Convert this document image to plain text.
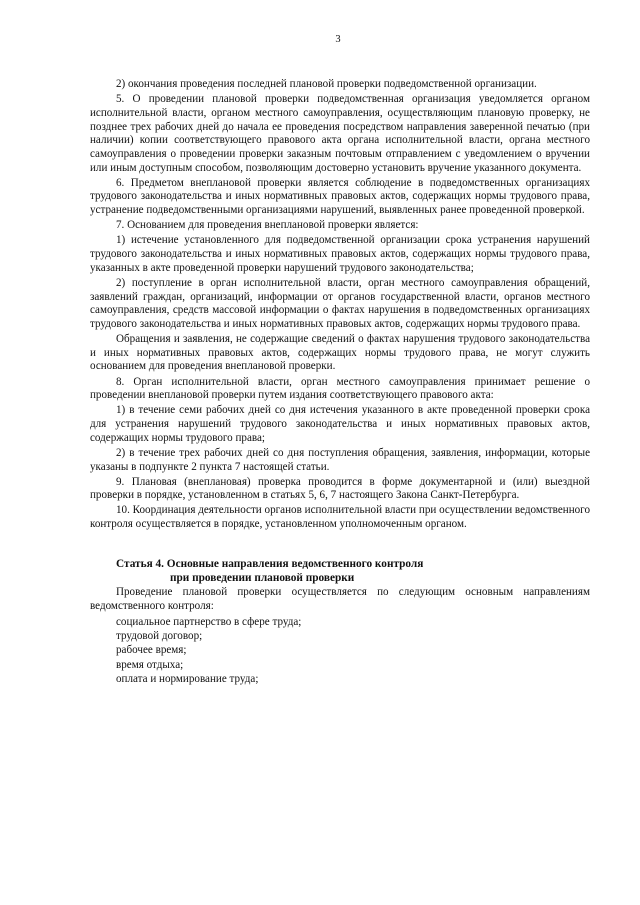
3

2) окончания проведения последней плановой проверки подведомственной организации.

5. О проведении плановой проверки подведомственная организация уведомляется органом исполнительной власти, органом местного самоуправления, осуществляющим плановую проверку, не позднее трех рабочих дней до начала ее проведения посредством направления заверенной печатью (при наличии) копии соответствующего правового акта органа исполнительной власти, органа местного самоуправления о проведении проверки заказным почтовым отправлением с уведомлением о вручении или иным доступным способом, позволяющим достоверно установить вручение указанного документа.

6. Предметом внеплановой проверки является соблюдение в подведомственных организациях трудового законодательства и иных нормативных правовых актов, содержащих нормы трудового права, устранение подведомственными организациями нарушений, выявленных ранее проведенной проверкой.

7. Основанием для проведения внеплановой проверки является:

1) истечение установленного для подведомственной организации срока устранения нарушений трудового законодательства и иных нормативных правовых актов, содержащих нормы трудового права, указанных в акте проведенной проверки нарушений трудового законодательства;

2) поступление в орган исполнительной власти, орган местного самоуправления обращений, заявлений граждан, организаций, информации от органов государственной власти, органов местного самоуправления, средств массовой информации о фактах нарушения в подведомственных организациях трудового законодательства и иных нормативных правовых актов, содержащих нормы трудового права.

Обращения и заявления, не содержащие сведений о фактах нарушения трудового законодательства и иных нормативных правовых актов, содержащих нормы трудового права, не могут служить основанием для проведения внеплановой проверки.

8. Орган исполнительной власти, орган местного самоуправления принимает решение о проведении внеплановой проверки путем издания соответствующего правового акта:

1) в течение семи рабочих дней со дня истечения указанного в акте проведенной проверки срока для устранения нарушений трудового законодательства и иных нормативных правовых актов, содержащих нормы трудового права;

2) в течение трех рабочих дней со дня поступления обращения, заявления, информации, которые указаны в подпункте 2 пункта 7 настоящей статьи.

9. Плановая (внеплановая) проверка проводится в форме документарной и (или) выездной проверки в порядке, установленном в статьях 5, 6, 7 настоящего Закона Санкт-Петербурга.

10. Координация деятельности органов исполнительной власти при осуществлении ведомственного контроля осуществляется в порядке, установленном уполномоченным органом.

Статья 4. Основные направления ведомственного контроля
при проведении плановой проверки

Проведение плановой проверки осуществляется по следующим основным направлениям ведомственного контроля:

социальное партнерство в сфере труда;
трудовой договор;
рабочее время;
время отдыха;
оплата и нормирование труда;
